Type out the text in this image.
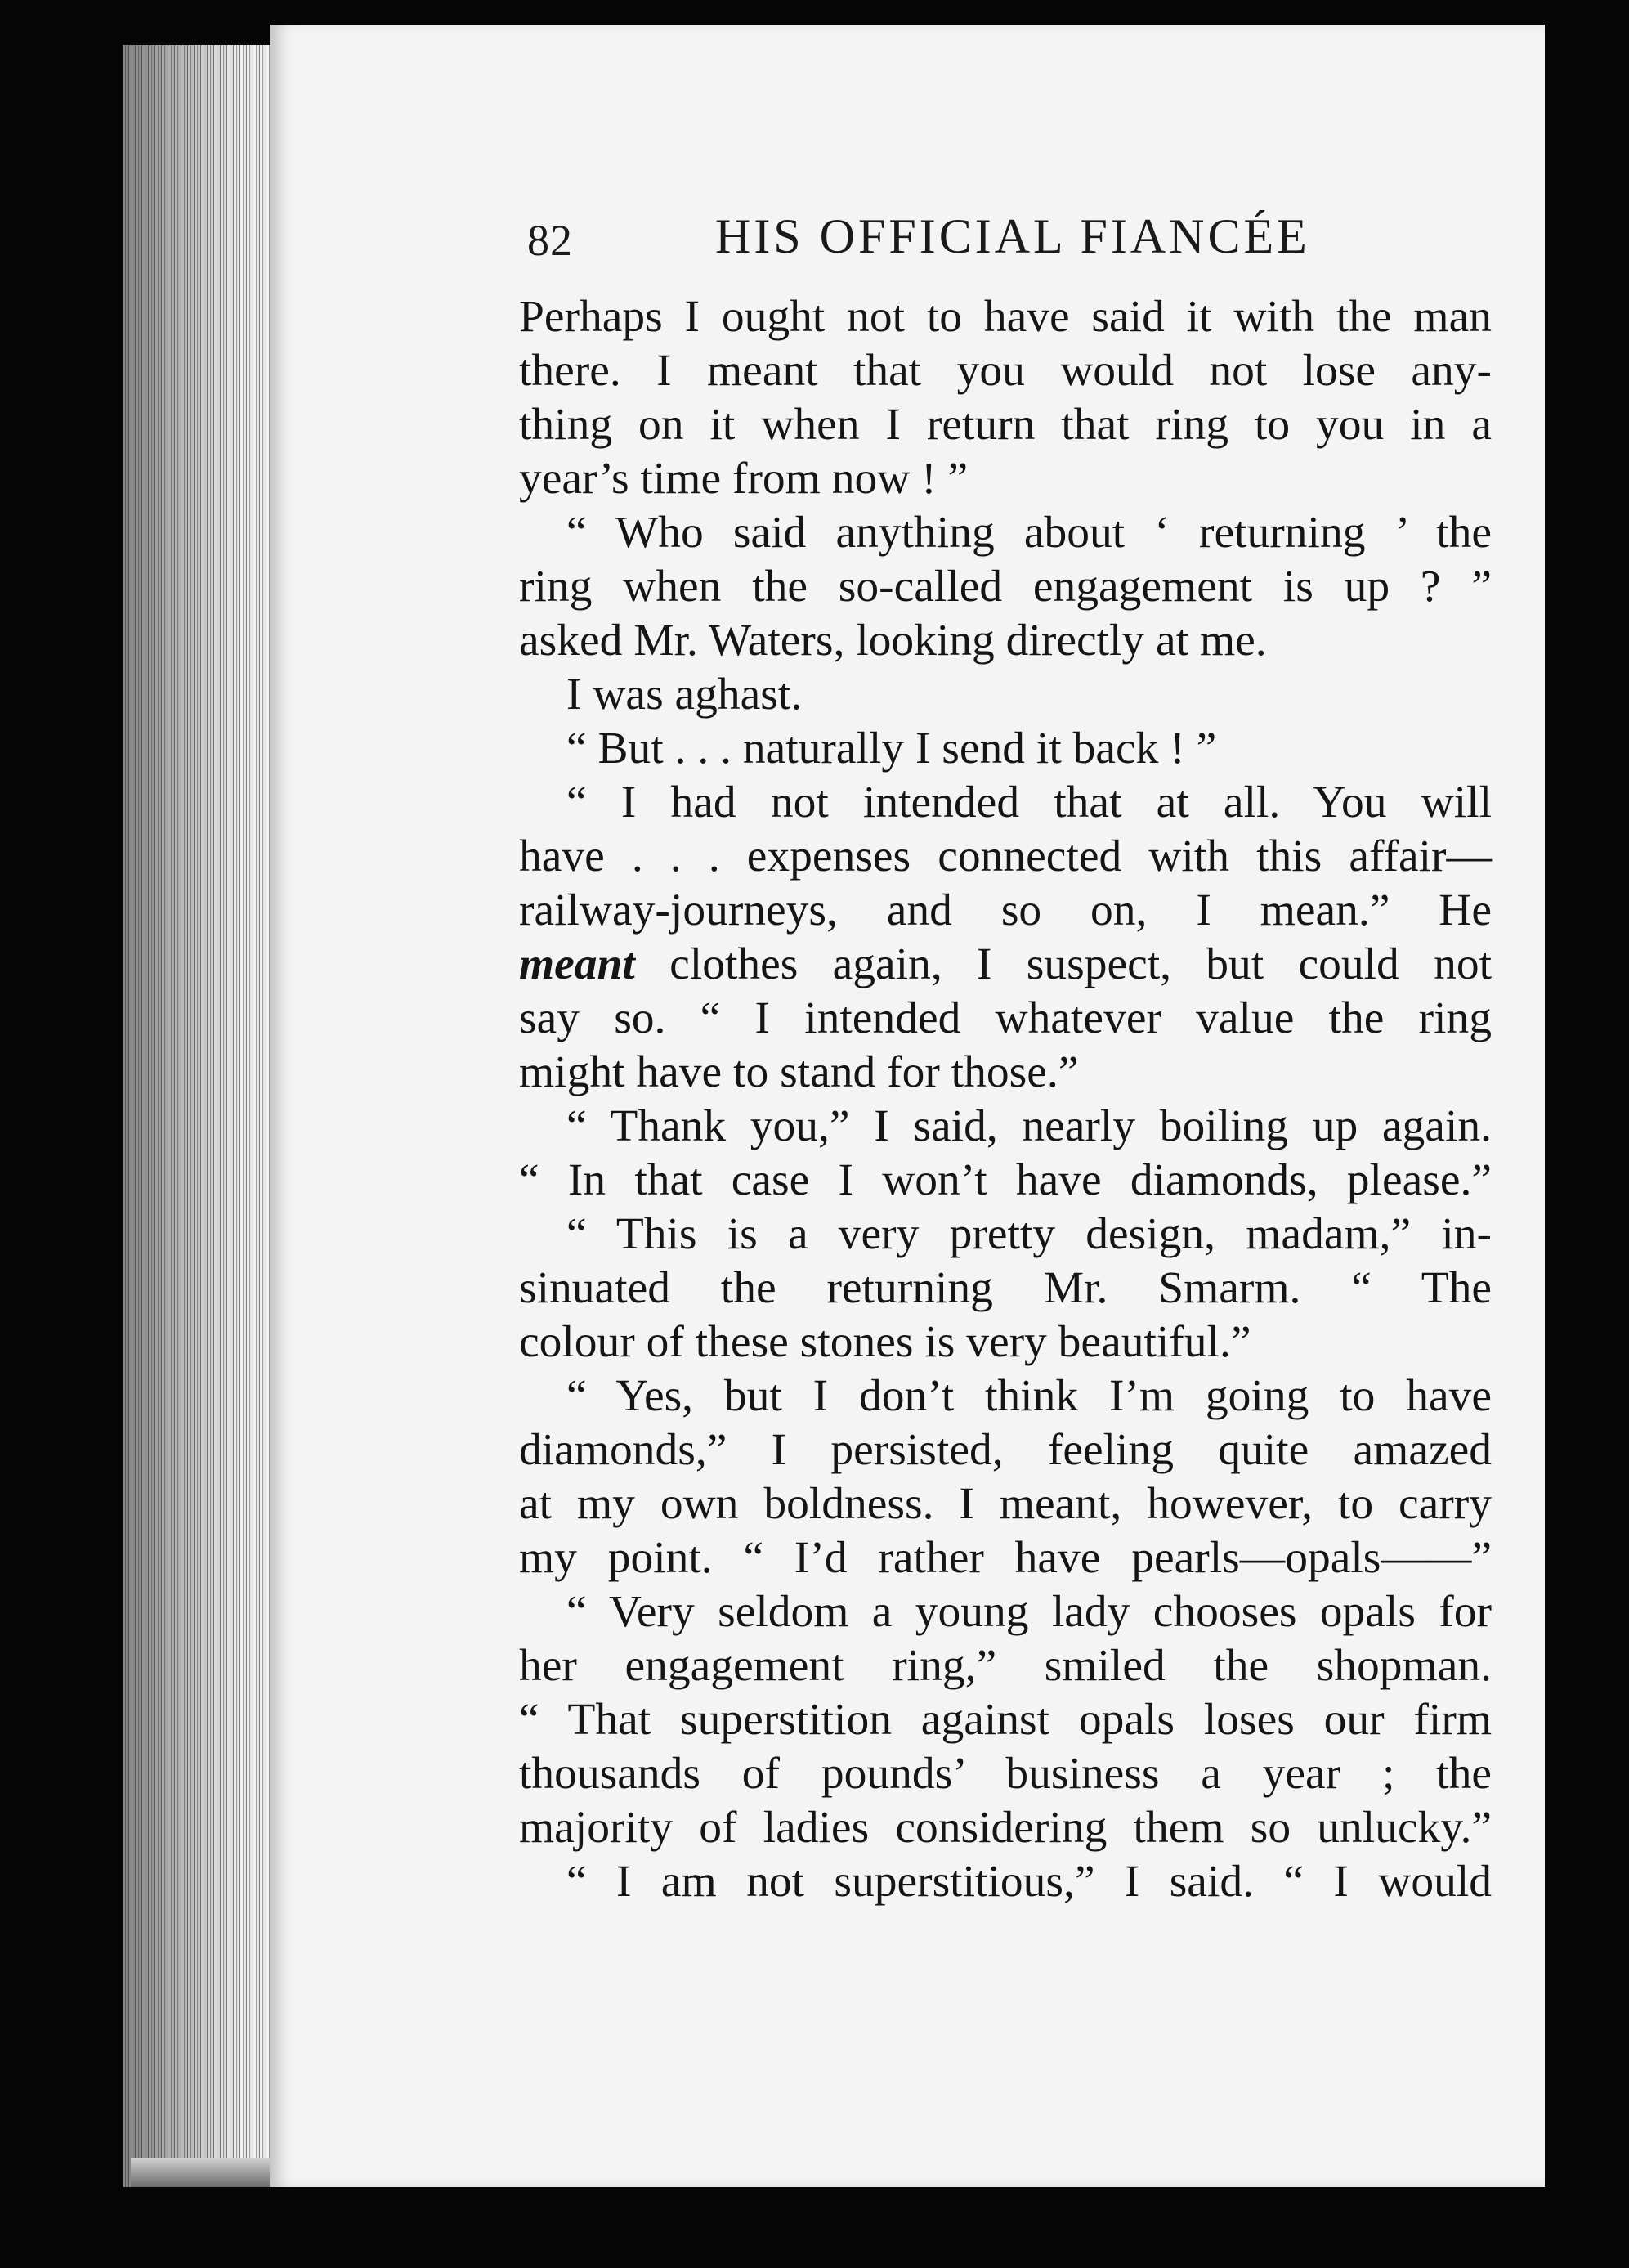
82	HIS OFFICIAL FIANCÉE
Perhaps I ought not to have said it with the man
there. I meant that you would not lose any-
thing on it when I return that ring to you in a
year’s time from now ! ”
“ Who said anything about ‘ returning ’ the
ring when the so-called engagement is up ? ”
asked Mr. Waters, looking directly at me.
I was aghast.
“ But . . . naturally I send it back ! ”
“ I had not intended that at all. You will
have . . . expenses connected with this affair—
railway-journeys, and so on, I mean.” He
meant clothes again, I suspect, but could not
say so. “ I intended whatever value the ring
might have to stand for those.”
“ Thank you,” I said, nearly boiling up again.
“ In that case I won’t have diamonds, please.”
“ This is a very pretty design, madam,” in-
sinuated the returning Mr. Smarm. “ The
colour of these stones is very beautiful.”
“ Yes, but I don’t think I’m going to have
diamonds,” I persisted, feeling quite amazed
at my own boldness. I meant, however, to carry
my point. “ I’d rather have pearls—opals——”
“ Very seldom a young lady chooses opals for
her engagement ring,” smiled the shopman.
“ That superstition against opals loses our firm
thousands of pounds’ business a year ; the
majority of ladies considering them so unlucky.”
“ I am not superstitious,” I said. “ I would
